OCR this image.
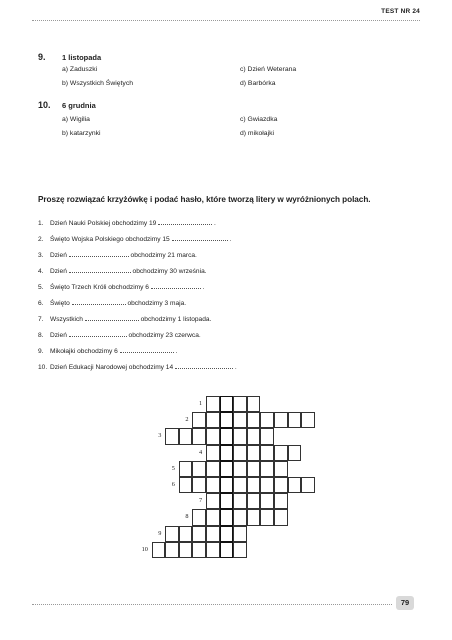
TEST NR 24
9. 1 listopada
a) Zaduszki
b) Wszystkich Świętych
c) Dzień Weterana
d) Barbórka
10. 6 grudnia
a) Wigilia
b) katarzynki
c) Gwiazdka
d) mikołajki
Proszę rozwiązać krzyżówkę i podać hasło, które tworzą litery w wyróżnionych polach.
1. Dzień Nauki Polskiej obchodzimy 19	.
2. Święto Wojska Polskiego obchodzimy 15	.
3. Dzień	obchodzimy 21 marca.
4. Dzień	obchodzimy 30 września.
5. Święto Trzech Króli obchodzimy 6	.
6. Święto	obchodzimy 3 maja.
7. Wszystkich	obchodzimy 1 listopada.
8. Dzień	obchodzimy 23 czerwca.
9. Mikołajki obchodzimy 6	.
10. Dzień Edukacji Narodowej obchodzimy 14	.
1
2
3
4
5
6
7
8
9
10
79
